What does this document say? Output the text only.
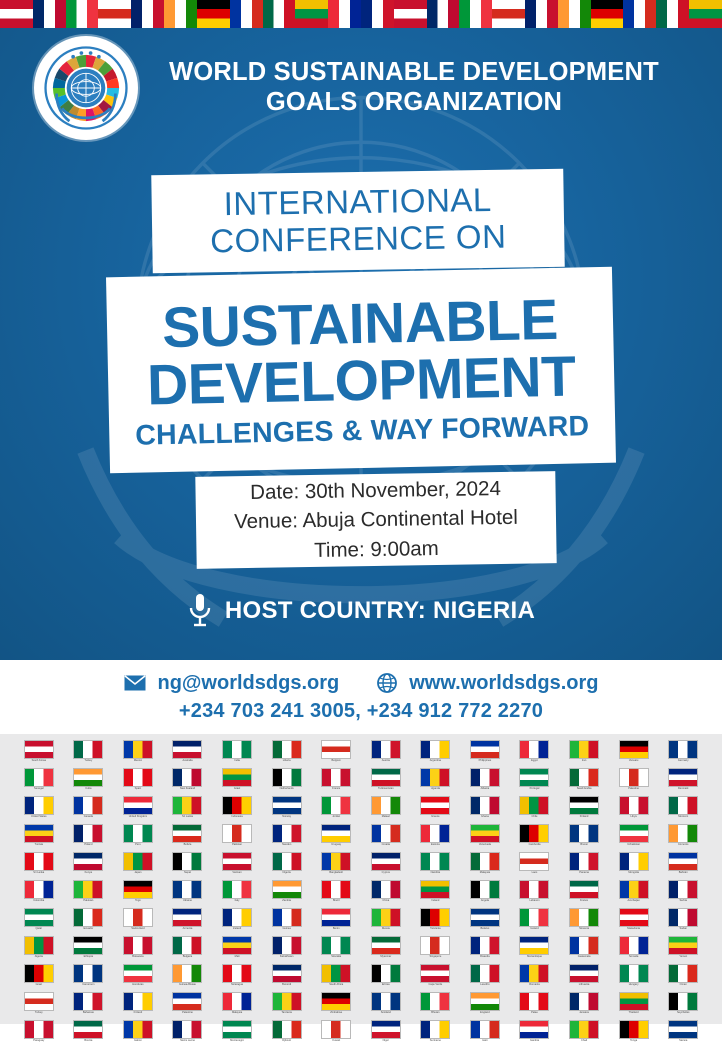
WORLD SUSTAINABLE DEVELOPMENT
GOALS ORGANIZATION
INTERNATIONAL
CONFERENCE ON
SUSTAINABLE
DEVELOPMENT
CHALLENGES & WAY FORWARD
Date: 30th November, 2024
Venue: Abuja Continental Hotel
Time: 9:00am
HOST COUNTRY: NIGERIA
ng@worldsdgs.org	www.worldsdgs.org
+234 703 241 3005, +234 912 772 2270
South Korea	Turkey	Mexico	Australia	India	Liberia	Belgium	Austria	Argentina	Philippines	Egypt	Iran	Vanuatu	Germany
Senegal	Cuba	Spain	New Zealand	Israel	Netherlands	France	Turkmenistan	Uganda	Albania	Portugal	Saudi Arabia	Palestine	Denmark
United States	Canada	United Kingdom	Sri Lanka	Indonesia	Norway	Jordan	Malawi	Greece	Ghana	Chile	Finland	Libya	Morocco
Tunisia	Poland	Peru	Bolivia	Pakistan	Sweden	Uruguay	Croatia	Estonia	Venezuela	Cambodia	Brunei	Uzbekistan	Comoros
Sri Lanka	Kenya	Japan	Nepal	Vietnam	Nigeria	Bangladesh	Cyprus	Namibia	Malaysia	Laos	Panama	Mongolia	Bahrain
Colombia	Pakistan	Togo	Ukraine	Italy	Zambia	Brazil	China	Ireland	Angola	Lebanon	France	Azerbaijan	Serbia
Qatar	Ecuador	Switzerland	Armenia	Iceland	Guinea	Benin	Russia	Tanzania	Belarus	Iceland	Slovenia	Macedonia	Sudan
Algeria	Ethiopia	Botswana	Bulgaria	Mali	Kazakhstan	Slovakia	Myanmar	Singapore	Rwanda	Mozambique	Guatemala	Somalia	Yemen
Israel	Cameroon	Honduras	Guinea-Bissau	Nicaragua	Burundi	South Africa	Eritrea	Cape Verde	Lesotho	Romania	Lithuania	Hungary	Oman
Turkey	Bahamas	Finland	Palestine	Malaysia	Tanzania	Zimbabwe	Scotland	Bhutan	England	Palau	Jamaica	Thailand	Seychelles
Paraguay	Bosnia	Gabon	Sierra Leone	Montenegro	Djibouti	Kuwait	Niger	Suriname	Haiti	Gambia	Chad	Tonga	Samoa
